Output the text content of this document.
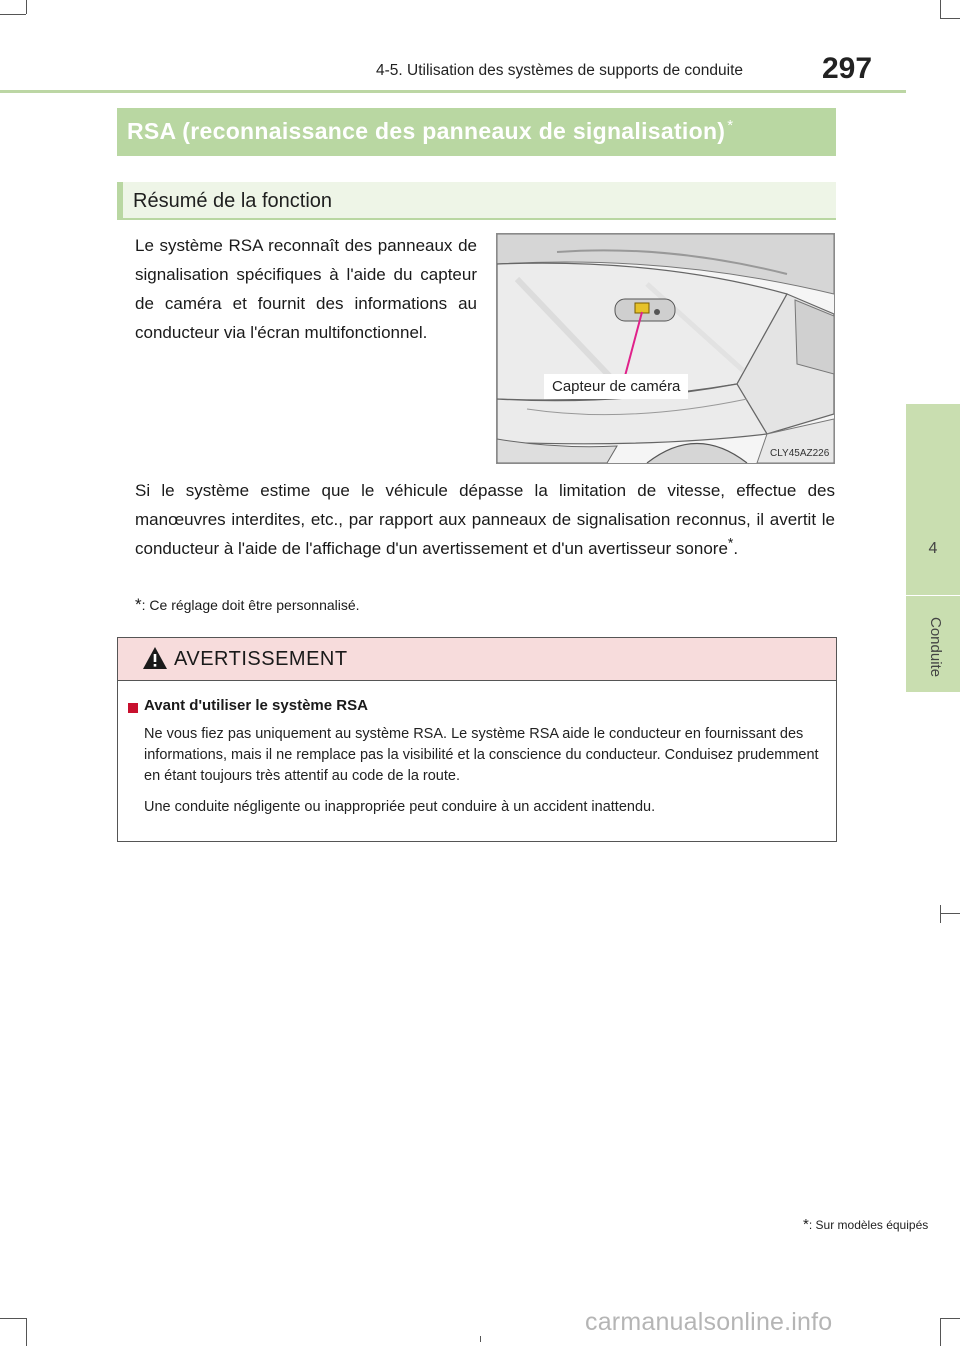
4-5. Utilisation des systèmes de supports de conduite	297
4
Conduite
RSA (reconnaissance des panneaux de signalisation) *
Résumé de la fonction
Le système RSA reconnaît des panneaux de signalisation spécifiques à l'aide du capteur de caméra et fournit des informations au conducteur via l'écran multifonctionnel.
Capteur de caméra
CLY45AZ226
Si le système estime que le véhicule dépasse la limitation de vitesse, effectue des manœuvres interdites, etc., par rapport aux panneaux de signalisation reconnus, il avertit le conducteur à l'aide de l'affichage d'un avertissement et d'un avertisseur sonore*.
*: Ce réglage doit être personnalisé.
AVERTISSEMENT
Avant d'utiliser le système RSA
Ne vous fiez pas uniquement au système RSA. Le système RSA aide le conducteur en fournissant des informations, mais il ne remplace pas la visibilité et la conscience du conducteur. Conduisez prudemment en étant toujours très attentif au code de la route.
Une conduite négligente ou inappropriée peut conduire à un accident inattendu.
*: Sur modèles équipés
carmanualsonline.info
